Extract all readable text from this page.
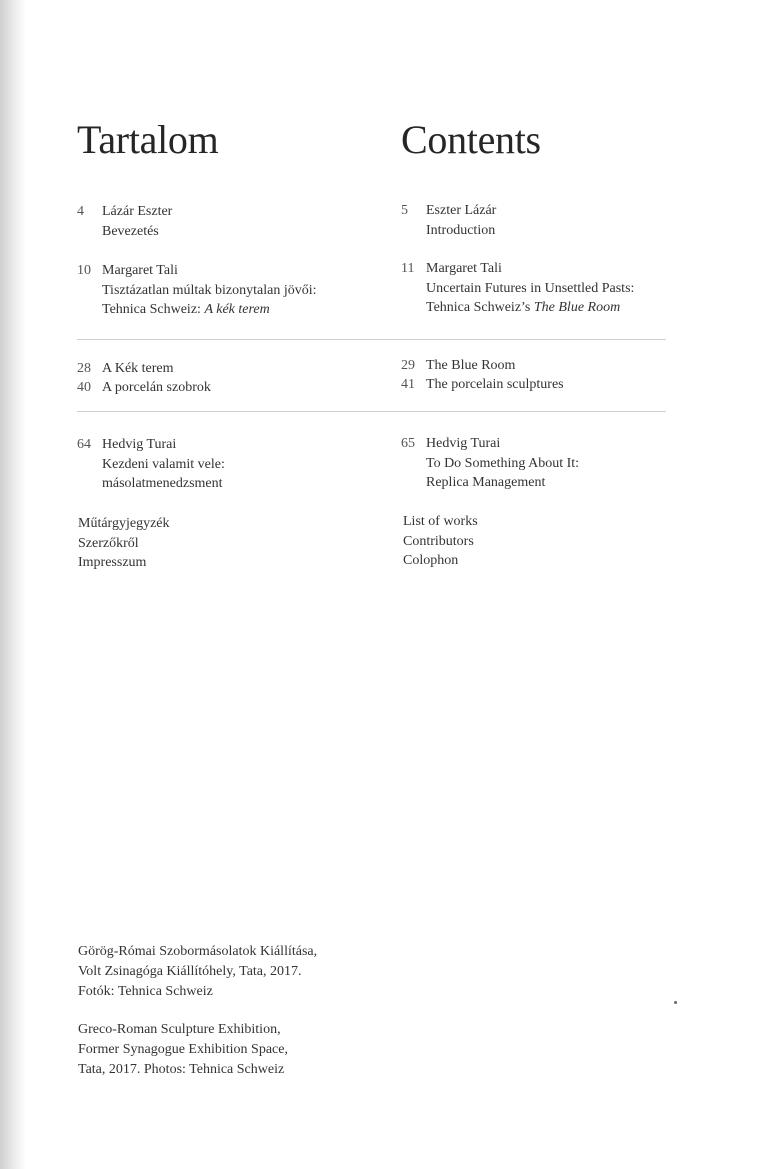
Tartalom	Contents
4	Lázár Eszter
Bevezetés
10 Margaret Tali
Tisztázatlan múltak bizonytalan jövői:
Tehnica Schweiz: A kék terem
28 A Kék terem
40 A porcelán szobrok
64 Hedvig Turai
Kezdeni valamit vele:
másolatmenedzsment
5	Eszter Lázár
Introduction
11 Margaret Tali
Uncertain Futures in Unsettled Pasts:
Tehnica Schweiz’s The Blue Room
29 The Blue Room
41 The porcelain sculptures
65 Hedvig Turai
To Do Something About It:
Replica Management
Műtárgyjegyzék
Szerzőkről
Impresszum
List of works
Contributors
Colophon
Görög-Római Szobormásolatok Kiállítása,
Volt Zsinagóga Kiállítóhely, Tata, 2017.
Fotók: Tehnica Schweiz
Greco-Roman Sculpture Exhibition,
Former Synagogue Exhibition Space,
Tata, 2017. Photos: Tehnica Schweiz
